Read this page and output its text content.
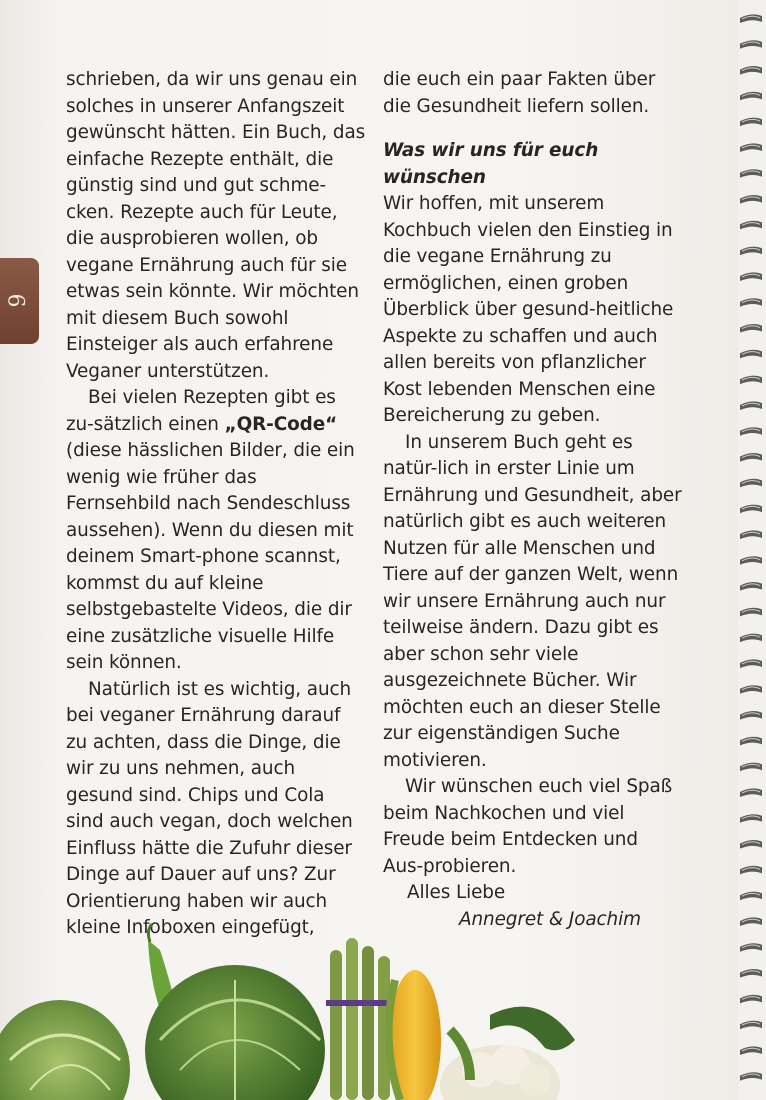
6

schrieben, da wir uns genau ein solches in unserer Anfangszeit gewünscht hätten. Ein Buch, das einfache Rezepte enthält, die günstig sind und gut schme-cken. Rezepte auch für Leute, die ausprobieren wollen, ob vegane Ernährung auch für sie etwas sein könnte. Wir möchten mit diesem Buch sowohl Einsteiger als auch erfahrene Veganer unterstützen.

Bei vielen Rezepten gibt es zu-sätzlich einen „QR-Code“ (diese hässlichen Bilder, die ein wenig wie früher das Fernsehbild nach Sendeschluss aussehen). Wenn du diesen mit deinem Smart-phone scannst, kommst du auf kleine selbstgebastelte Videos, die dir eine zusätzliche visuelle Hilfe sein können.

Natürlich ist es wichtig, auch bei veganer Ernährung darauf zu achten, dass die Dinge, die wir zu uns nehmen, auch gesund sind. Chips und Cola sind auch vegan, doch welchen Einfluss hätte die Zufuhr dieser Dinge auf Dauer auf uns? Zur Orientierung haben wir auch kleine Infoboxen eingefügt,

die euch ein paar Fakten über die Gesundheit liefern sollen.

Was wir uns für euch wünschen

Wir hoffen, mit unserem Kochbuch vielen den Einstieg in die vegane Ernährung zu ermöglichen, einen groben Überblick über gesund-heitliche Aspekte zu schaffen und auch allen bereits von pflanzlicher Kost lebenden Menschen eine Bereicherung zu geben.

In unserem Buch geht es natür-lich in erster Linie um Ernährung und Gesundheit, aber natürlich gibt es auch weiteren Nutzen für alle Menschen und Tiere auf der ganzen Welt, wenn wir unsere Ernährung auch nur teilweise ändern. Dazu gibt es aber schon sehr viele ausgezeichnete Bücher. Wir möchten euch an dieser Stelle zur eigenständigen Suche motivieren.

Wir wünschen euch viel Spaß beim Nachkochen und viel Freude beim Entdecken und Aus-probieren.

Alles Liebe

Annegret & Joachim
